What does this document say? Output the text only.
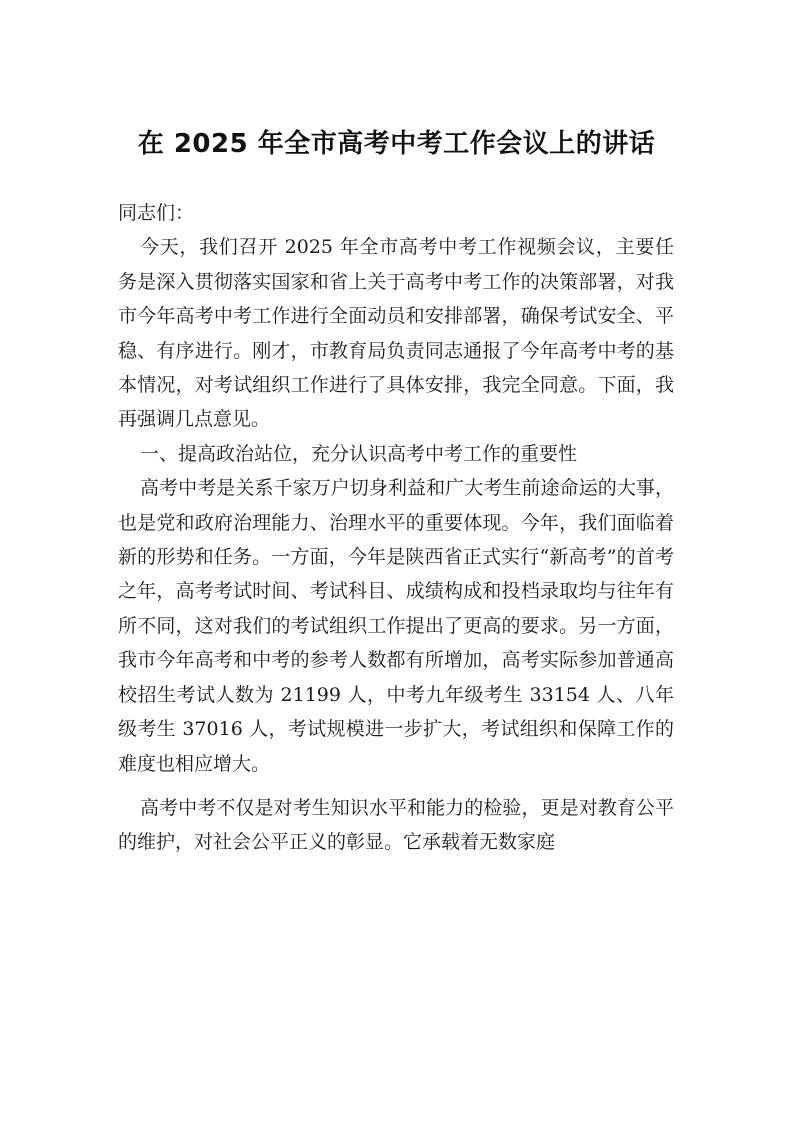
在 2025 年全市高考中考工作会议上的讲话

同志们：

今天，我们召开 2025 年全市高考中考工作视频会议，主要任务是深入贯彻落实国家和省上关于高考中考工作的决策部署，对我市今年高考中考工作进行全面动员和安排部署，确保考试安全、平稳、有序进行。刚才，市教育局负责同志通报了今年高考中考的基本情况，对考试组织工作进行了具体安排，我完全同意。下面，我再强调几点意见。

一、提高政治站位，充分认识高考中考工作的重要性

高考中考是关系千家万户切身利益和广大考生前途命运的大事，也是党和政府治理能力、治理水平的重要体现。今年，我们面临着新的形势和任务。一方面，今年是陕西省正式实行“新高考”的首考之年，高考考试时间、考试科目、成绩构成和投档录取均与往年有所不同，这对我们的考试组织工作提出了更高的要求。另一方面，我市今年高考和中考的参考人数都有所增加，高考实际参加普通高校招生考试人数为 21199 人，中考九年级考生 33154 人、八年级考生 37016 人，考试规模进一步扩大，考试组织和保障工作的难度也相应增大。

高考中考不仅是对考生知识水平和能力的检验，更是对教育公平的维护，对社会公平正义的彰显。它承载着无数家庭
